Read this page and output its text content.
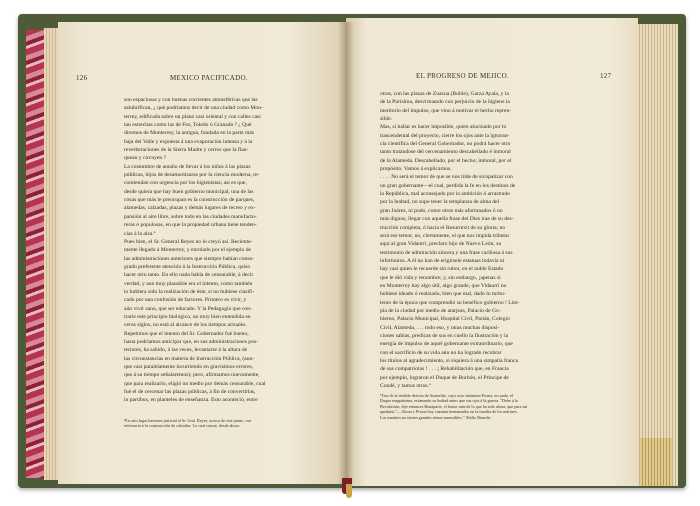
126	MEXICO PACIFICADO.
son espaciosas y con buenas corrientes atmosféricas que las
salubrifican, ¿ qué podríamos decir de una ciudad como Mon-
terrey, edificada sobre un plano casi oriental y con calles casi
tan estrechas como las de Fez, Toledo ó Granada ? ¿ Qué
diremos de Monterrey, la antigua, fundada en la parte más
baja del Valle y expuesta á una evaporación intensa y á la
reverberaciones de la Sierra Madre y cerros que la flan-
quean y circuyen ?
La costumbre de antaño de llevar á los niños á las plazas
públicas, hijos de desamortizarse por la ciencia moderna, re-
comiendan con urgencia por los higienistas; así es que,
desde quiera que hay buen gobierno municipal, una de las
cosas que más le preocupan es la construcción de parques,
alamedas, calzadas, plazas y demás lugares de recreo y ex-
pansión al aire libre, sobre todo en las ciudades manufactu-
reras ó populosas, en que la propiedad urbana tiene tenden-
cias á la alza.ª
Pues bien, el Sr. General Reyes no lo creyó así. Reciente-
mente llegado á Monterrey, y enrolado por el ejemplo de
las administraciones anteriores que siempre habían conso-
grado preferente atención á la Instrucción Pública, quiso
hacer otro tanto. En ello nada había de censurable, á decir
verdad, y aun muy plausible era el intento, como también
lo hubiera sido la realización de éste, si no hubiese clasifi-
cado por una confusión de factores. Primero es vivir, y
aún vivir sano, que ser educado. Y la Pedagogía que con-
trarie este principio biológico, no muy bien entendida en
ceros siglos, no está al alcance de los tiempos actuales.
Repetimos que el intento del Sr. Gobernador fué bueno,
hasta podríamos anticipar que, en sus administraciones pos-
teriores, ha sabido, á las veces, levantarse á la altura de
las circunstancias en materia de Instrucción Pública, (aun-
que casi paralelamente incurriendo en gravísimos errores,
que á su tiempo señalaremos); pero, afirmamos nuevamente,
que para realizarlo, eligió un medio por demás censurable, cual
fué el de cercenar las plazas públicas, á fin de convertirlas,
in partibus, en planteles de enseñanza. Esto aconteció, entre
ªEn otro lugar haremos justicial al Sr. Gral. Reyes, acerca de este punto, con
referencia á la construcción de calzadas. Lo cual conste, desde ahora.
EL PROGRESO DE MEJICO.	127
otras, con las plazas de Zuazua (Roble), Garza Ayala, y la
de la Purísima, desvirtuando con perjuicio de la higiene la
meritorio del impulso, que vino á motivar el hecho repren-
sible.
Mas, si hallar es hacer imposible, quien alucinado por lo
trascendental del proyecto, cierre los ojos ante la ignoran-
cia científica del General Gobernador, no podrá hacer otro
tanto tratándose del cercenamiento descabellado é inmoral
de la Alameda. Descabellado, por el hecho; inmoral, por el
propósito. Vamos á explicarnos.
. . . . No será el temor de que se nos tilde de sicopatizar con
un gran gobernante—el cual, perdida la fe en los destinos de
la República, mal aconsejado por la ambición ó arrastrado
por la lealtad, no supo tener la templanza de alma del
gran Juárez, ni pudo, como otros más afortunados ó no
más dignos, llegar con aquella frase del Dies irae de su des-
trucción completa, ó hacia el Resurrexit de su gloria; no
será ese temor, no, ciertamente, el que nos impida tributar
aquí al gran Vidaurri, preclaro hijo de Nuevo León, su
testimonio de admiración sincera y una frase cariñosa á sus
infortunios. A él no han de erigírsele estatuas todavía ni
hay casi quien le recuerde sin rubor, en el noble Estado
que le dió vida y renombre; y, sin embargo, ¡apenas si
en Monterrey hay algo útil, algo grande, que Vidaurri no
hubiese ideado ó realizado, bien que mal, dado lo turbu-
lento de la época que comprendió su benéfico gobierno ! Lim-
pia de la ciudad por medio de atarjeas, Palacio de Go-
bierno, Palacio Municipal, Hospital Civil, Parián, Colegio
Civil, Alameda, . . . todo eso, y otras muchas disposi-
ciones sabias, predicas de sus en cuello la Ilustración y la
energía de impulso de aquel gobernante extraordinario, que
con el sacrificio de su vida aún no ha logrado recobrar
los títulos al agradecimiento, si siquiera á una simpatía franca
de sus compatriotas ! . . . ¡ Rehabilitación que, en Francia
por ejemplo, lograron el Duque de Borbón, el Príncipe de
Condé, y tantos otros.ª
ªTras de la terrible derrota de Austerlitz, cuyo acto sinónimo Prusia, no pudo, el
Duque magnánimo, estimando su lealtad antes que sus ojos á la guerra. "Debe á la
Revolución, dije entonces Bonaparte, el honor más de lo que ha sido ahora, que para mí
quedaría."—Ahora y Prusia hoy cuentan hermanados en la familia de los mártires.
Los martires no tienen grandes almas insensibles." Abilio Bianchi.
